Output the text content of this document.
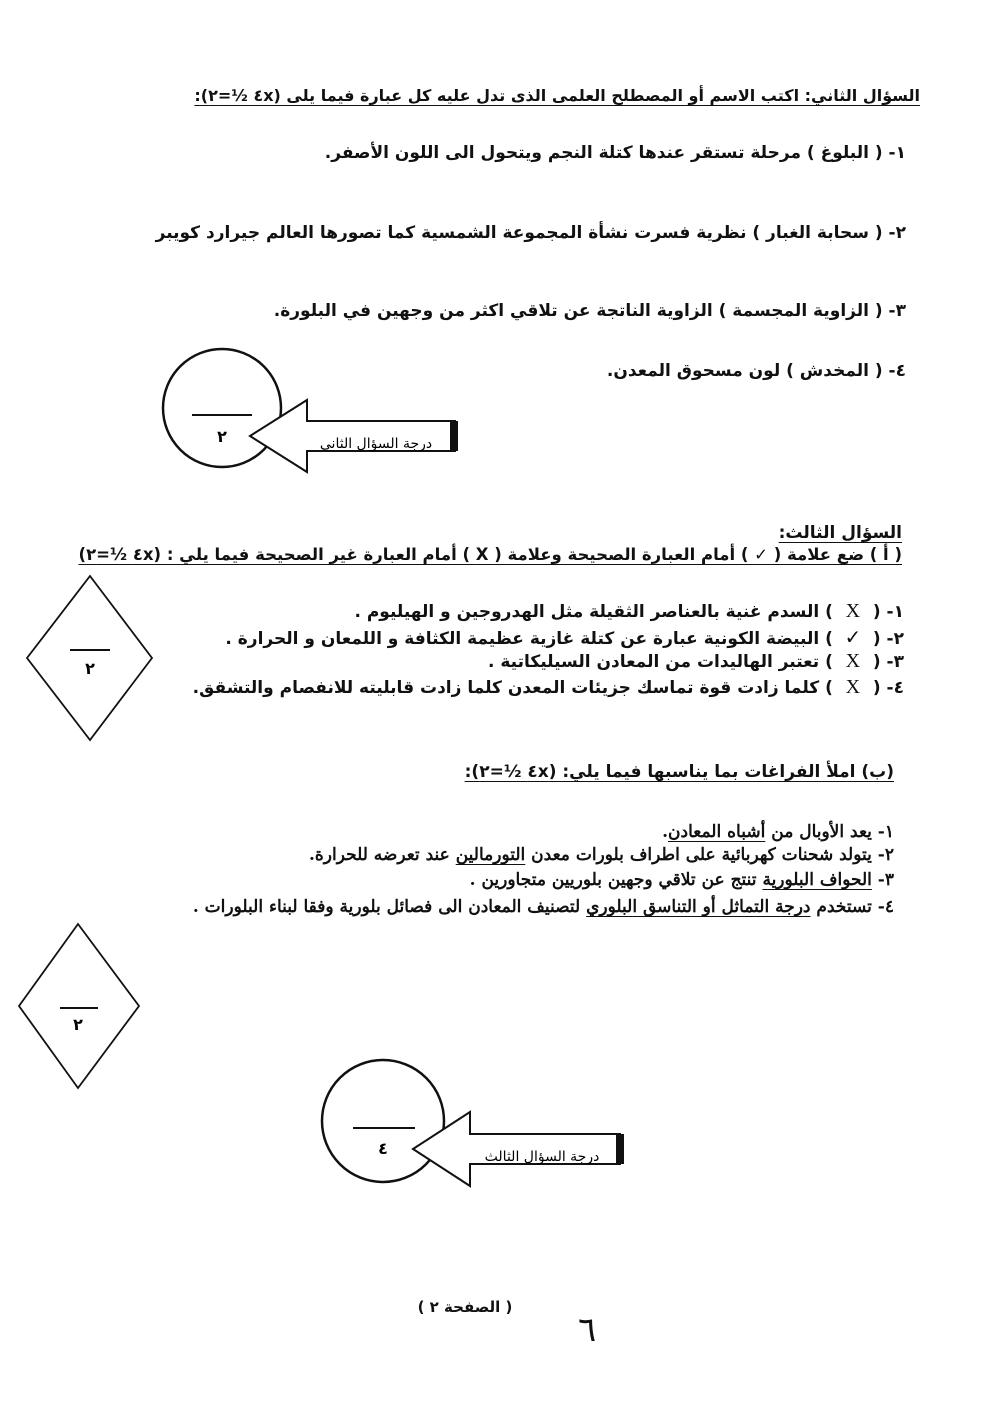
السؤال الثاني: اكتب الاسم أو المصطلح العلمى الذى تدل عليه كل عبارة فيما يلى (٤x ½=٢):
١- ( البلوغ ) مرحلة تستقر عندها كتلة النجم ويتحول الى اللون الأصفر.
٢- ( سحابة الغبار ) نظرية فسرت نشأة المجموعة الشمسية كما تصورها العالم جيرارد كويبر
٣- ( الزاوية المجسمة ) الزاوية الناتجة عن تلاقي اكثر من وجهين في البلورة.
٤- ( المخدش ) لون مسحوق المعدن.
٢	درجة السؤال الثانى
السؤال الثالث:
( أ ) ضع علامة ( ✓ ) أمام العبارة الصحيحة وعلامة ( X ) أمام العبارة غير الصحيحة فيما يلي : (٤x ½=٢)
١- (X) السدم غنية بالعناصر الثقيلة مثل الهدروجين و الهيليوم .
٢- (✓) البيضة الكونية عبارة عن كتلة غازية عظيمة الكثافة و اللمعان و الحرارة .
٣- (X) تعتبر الهاليدات من المعادن السيليكاتية .
٤- (X) كلما زادت قوة تماسك جزيئات المعدن كلما زادت قابليته للانفصام والتشقق.
٢
(ب) املأ الفراغات بما يناسبها فيما يلي: (٤x ½=٢):
١- يعد الأوبال من أشباه المعادن.
٢- يتولد شحنات كهربائية على اطراف بلورات معدن التورمالين عند تعرضه للحرارة.
٣- الحواف البلورية تنتج عن تلاقي وجهين بلوريين متجاورين .
٤- تستخدم درجة التماثل أو التناسق البلوري لتصنيف المعادن الى فصائل بلورية وفقا لبناء البلورات .
٢
٤	درجة السؤال الثالث
( الصفحة ٢ )
٦
